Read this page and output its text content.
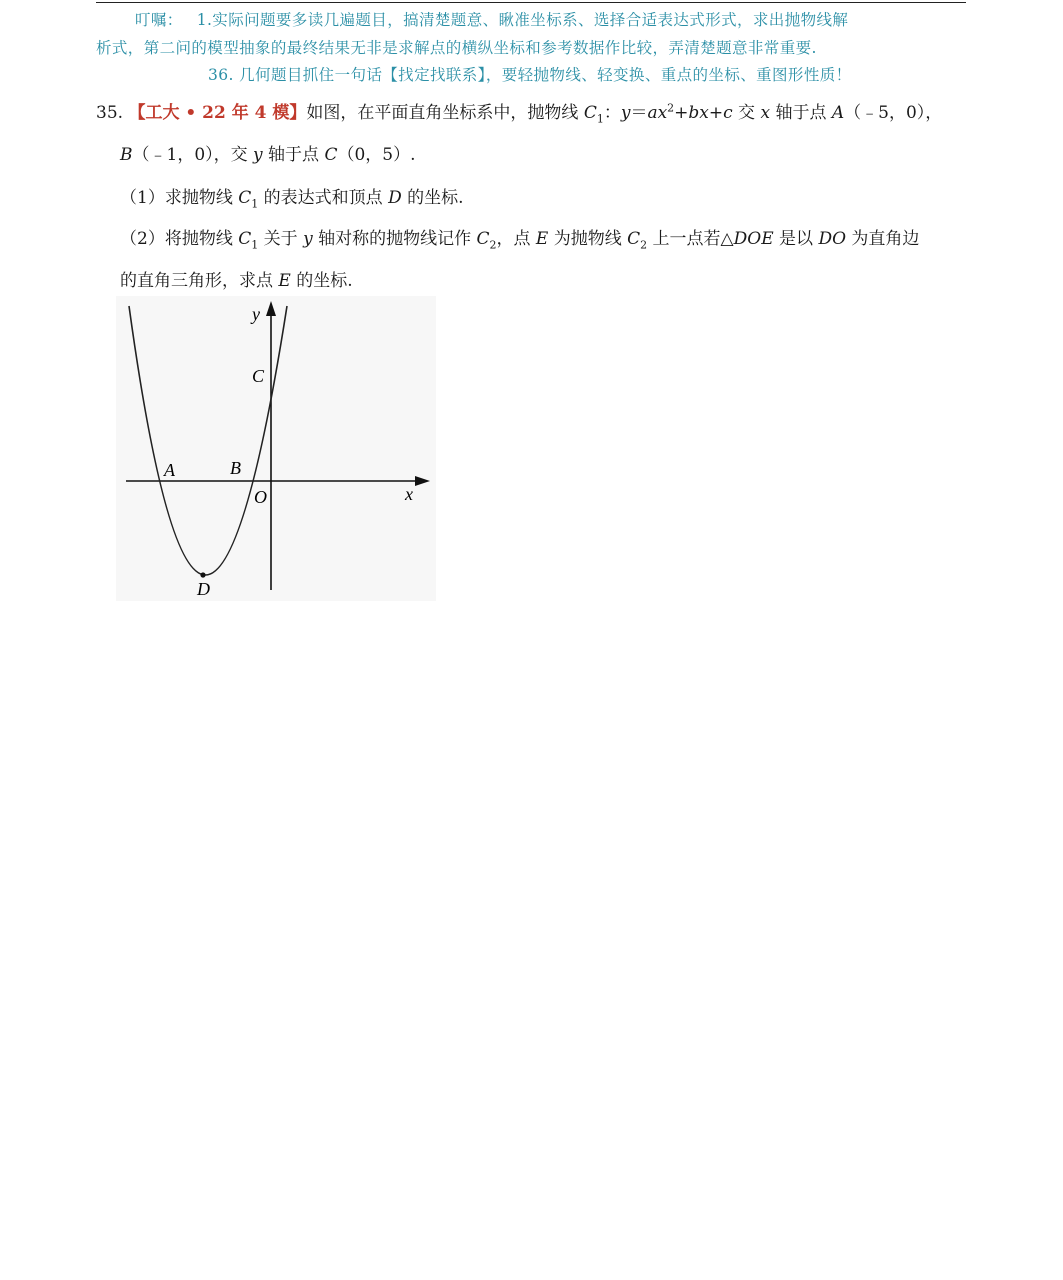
叮嘱： 1.实际问题要多读几遍题目，搞清楚题意、瞅准坐标系、选择合适表达式形式，求出抛物线解
析式，第二问的模型抽象的最终结果无非是求解点的横纵坐标和参考数据作比较，弄清楚题意非常重要.
36. 几何题目抓住一句话【找定找联系】，要轻抛物线、轻变换、重点的坐标、重图形性质！
35. 【工大 • 22 年 4 模】如图，在平面直角坐标系中，抛物线 $C_1$：$y=ax^2+bx+c$ 交 x 轴于点 A（﹣5，0），
B（﹣1，0），交 y 轴于点 C（0，5）.
（1）求抛物线 $C_1$ 的表达式和顶点 D 的坐标.
（2）将抛物线 $C_1$ 关于 y 轴对称的抛物线记作 $C_2$，点 E 为抛物线 $C_2$ 上一点若△DOE 是以 DO 为直角边
的直角三角形，求点 E 的坐标.
y
x
C
A	B
O
D
